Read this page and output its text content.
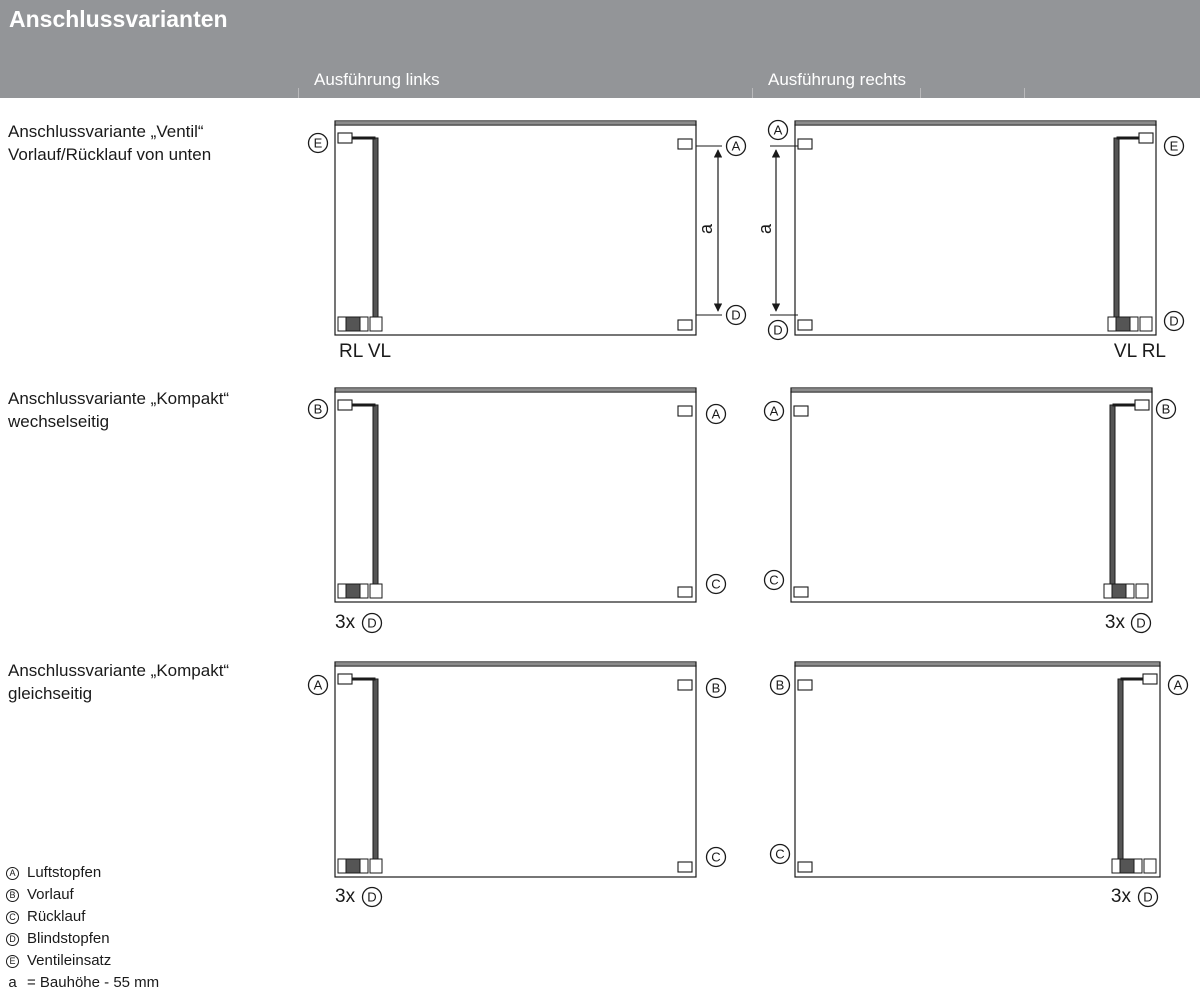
Anschlussvarianten
Ausführung links	Ausführung rechts
Anschlussvariante „Ventil“
Vorlauf/Rücklauf von unten
Anschlussvariante „Kompakt“
wechselseitig
Anschlussvariante „Kompakt“
gleichseitig
E	A
D
RL VL
a
A
D
E
D
VL RL
a
B	A
C
3x D
A
C
B
3x D
A	B
C
3x D
B
C
A
3x D
A Luftstopfen
B Vorlauf
C Rücklauf
D Blindstopfen
E Ventileinsatz
a = Bauhöhe - 55 mm
